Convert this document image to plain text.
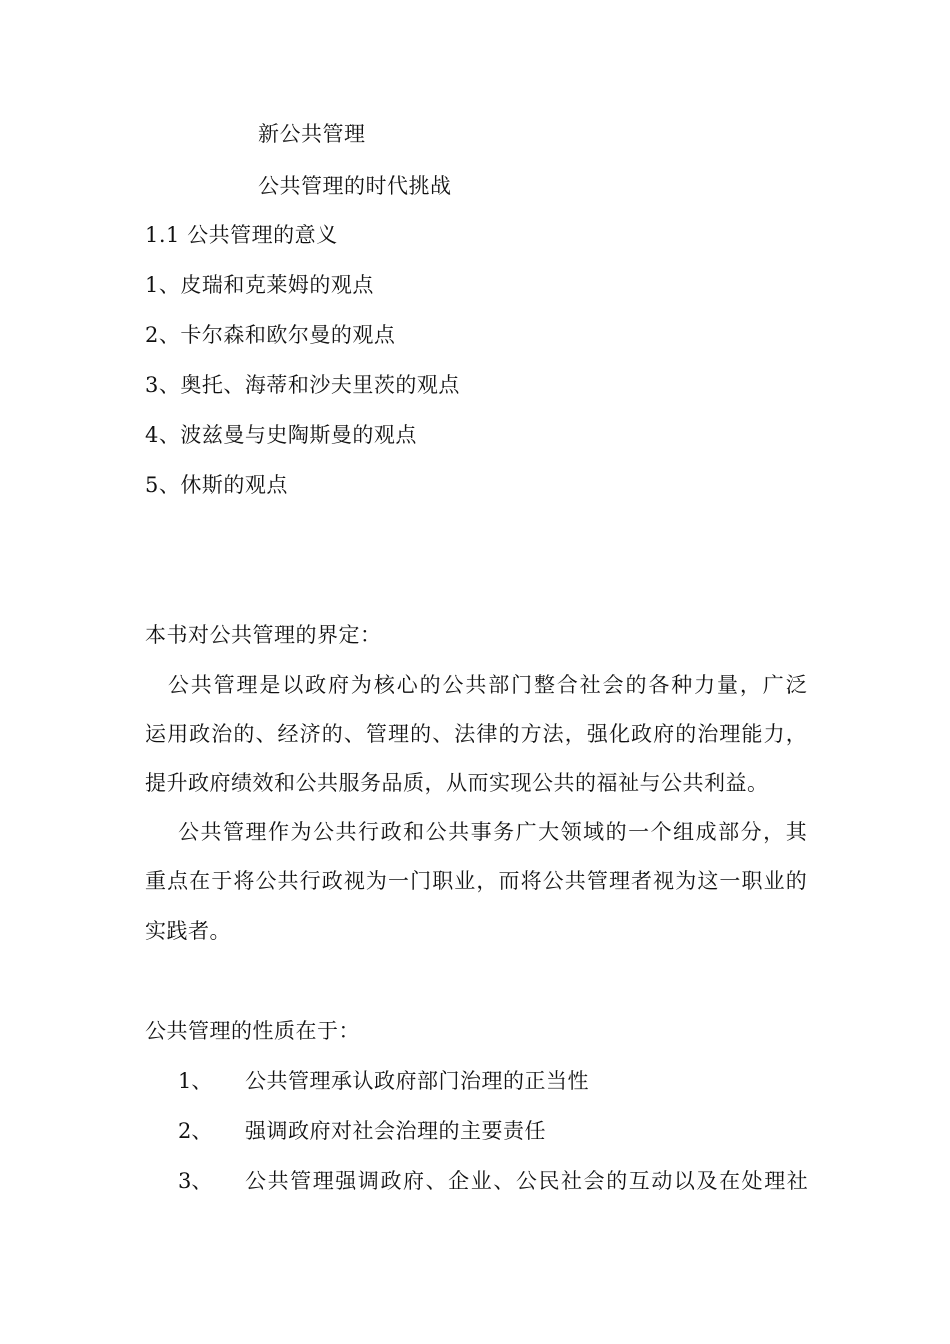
新公共管理
公共管理的时代挑战
1.1 公共管理的意义
1、皮瑞和克莱姆的观点
2、卡尔森和欧尔曼的观点
3、奥托、海蒂和沙夫里茨的观点
4、波兹曼与史陶斯曼的观点
5、休斯的观点
本书对公共管理的界定：
　公共管理是以政府为核心的公共部门整合社会的各种力量，广泛
运用政治的、经济的、管理的、法律的方法，强化政府的治理能力，
提升政府绩效和公共服务品质，从而实现公共的福祉与公共利益。
公共管理作为公共行政和公共事务广大领域的一个组成部分，其
重点在于将公共行政视为一门职业，而将公共管理者视为这一职业的
实践者。
公共管理的性质在于：
1、 公共管理承认政府部门治理的正当性
2、 强调政府对社会治理的主要责任
3、 公共管理强调政府、企业、公民社会的互动以及在处理社
